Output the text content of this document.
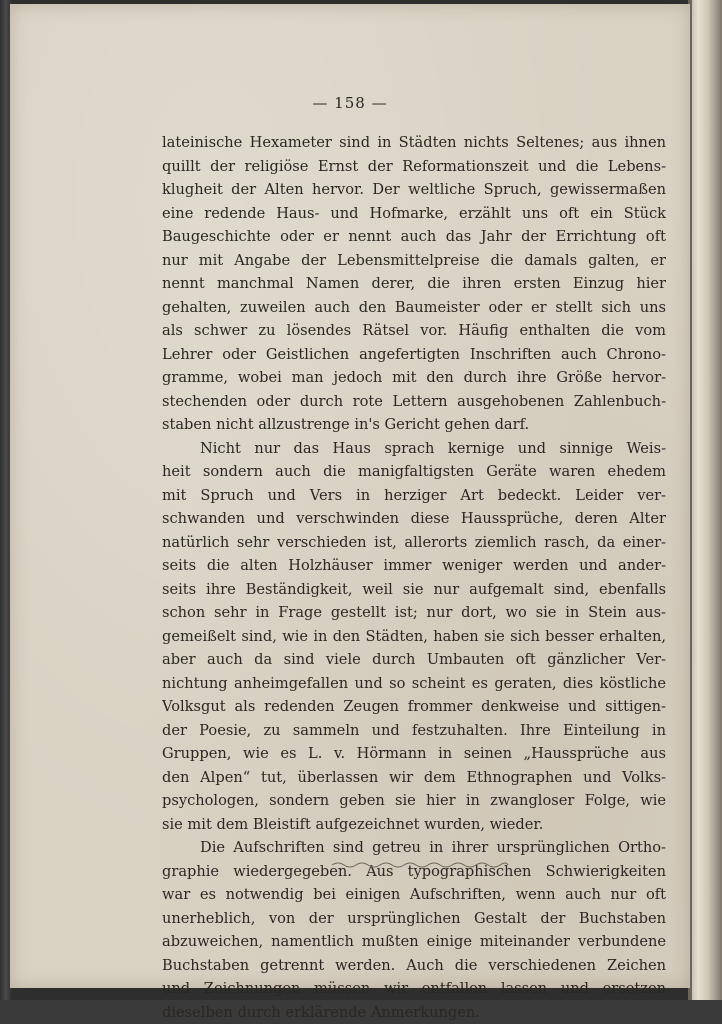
— 158 —
lateinische Hexameter sind in Städten nichts Seltenes; aus ihnen
quillt der religiöse Ernst der Reformationszeit und die Lebens-
klugheit der Alten hervor. Der weltliche Spruch, gewissermaßen
eine redende Haus- und Hofmarke, erzählt uns oft ein Stück
Baugeschichte oder er nennt auch das Jahr der Errichtung oft
nur mit Angabe der Lebensmittelpreise die damals galten, er
nennt manchmal Namen derer, die ihren ersten Einzug hier
gehalten, zuweilen auch den Baumeister oder er stellt sich uns
als schwer zu lösendes Rätsel vor. Häufig enthalten die vom
Lehrer oder Geistlichen angefertigten Inschriften auch Chrono-
gramme, wobei man jedoch mit den durch ihre Größe hervor-
stechenden oder durch rote Lettern ausgehobenen Zahlenbuch-
staben nicht allzustrenge in's Gericht gehen darf.
Nicht nur das Haus sprach kernige und sinnige Weis-
heit sondern auch die manigfaltigsten Geräte waren ehedem
mit Spruch und Vers in herziger Art bedeckt. Leider ver-
schwanden und verschwinden diese Haussprüche, deren Alter
natürlich sehr verschieden ist, allerorts ziemlich rasch, da einer-
seits die alten Holzhäuser immer weniger werden und ander-
seits ihre Beständigkeit, weil sie nur aufgemalt sind, ebenfalls
schon sehr in Frage gestellt ist; nur dort, wo sie in Stein aus-
gemeißelt sind, wie in den Städten, haben sie sich besser erhalten,
aber auch da sind viele durch Umbauten oft gänzlicher Ver-
nichtung anheimgefallen und so scheint es geraten, dies köstliche
Volksgut als redenden Zeugen frommer denkweise und sittigen-
der Poesie, zu sammeln und festzuhalten. Ihre Einteilung in
Gruppen, wie es L. v. Hörmann in seinen „Haussprüche aus
den Alpen“ tut, überlassen wir dem Ethnographen und Volks-
psychologen, sondern geben sie hier in zwangloser Folge, wie
sie mit dem Bleistift aufgezeichnet wurden, wieder.
Die Aufschriften sind getreu in ihrer ursprünglichen Ortho-
graphie wiedergegeben. Aus typographischen Schwierigkeiten
war es notwendig bei einigen Aufschriften, wenn auch nur oft
unerheblich, von der ursprünglichen Gestalt der Buchstaben
abzuweichen, namentlich mußten einige miteinander verbundene
Buchstaben getrennt werden. Auch die verschiedenen Zeichen
und Zeichnungen müssen wir entfallen lassen und ersetzen
dieselben durch erklärende Anmerkungen.
